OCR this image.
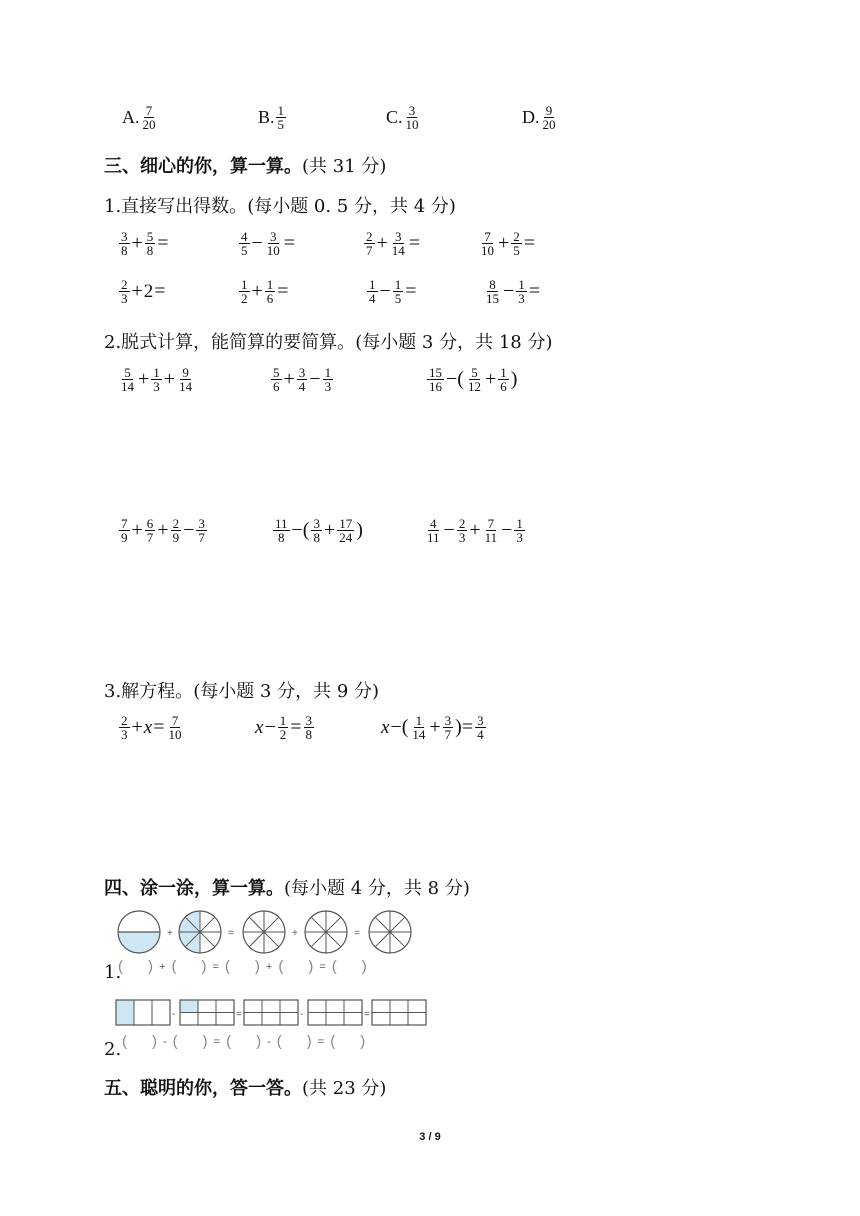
A. $\frac{7}{20}$	B. $\frac{1}{5}$	C. $\frac{3}{10}$	D. $\frac{9}{20}$
三、细心的你，算一算。(共 31 分)
1.直接写出得数。(每小题 0. 5 分，共 4 分)
$\frac{3}{8} + \frac{5}{8}$ =	$\frac{4}{5} - \frac{3}{10}$ =	$\frac{2}{7} + \frac{3}{14}$ =	$\frac{7}{10} + \frac{2}{5}$ =
$\frac{2}{3} + 2$ =	$\frac{1}{2} + \frac{1}{6}$ =	$\frac{1}{4} - \frac{1}{5}$ =	$\frac{8}{15} - \frac{1}{3}$ =
2.脱式计算，能简算的要简算。(每小题 3 分，共 18 分)
$\frac{5}{14} + \frac{1}{3} + \frac{9}{14}$	$\frac{5}{6} + \frac{3}{4} - \frac{1}{3}$	$\frac{15}{16}$ −( $\frac{5}{12} + \frac{1}{6}$ )
$\frac{7}{9} + \frac{6}{7} + \frac{2}{9} - \frac{3}{7}$	$\frac{11}{8}$ −( $\frac{3}{8} + \frac{17}{24}$ )	$\frac{4}{11} - \frac{2}{3} + \frac{7}{11} - \frac{1}{3}$
3.解方程。(每小题 3 分，共 9 分)
$\frac{2}{3} + x = \frac{7}{10}$	$x - \frac{1}{2} = \frac{3}{8}$	x −( $\frac{1}{14} + \frac{3}{7}$ )= $\frac{3}{4}$
四、涂一涂，算一算。(每小题 4 分，共 8 分)
+	=	+	=
1.
(      ) + (      ) = (      ) + (      ) = (      )
-	=	-	=
2. (      ) - (      ) = (      ) - (      ) = (      )
五、聪明的你，答一答。(共 23 分)
3 / 9
